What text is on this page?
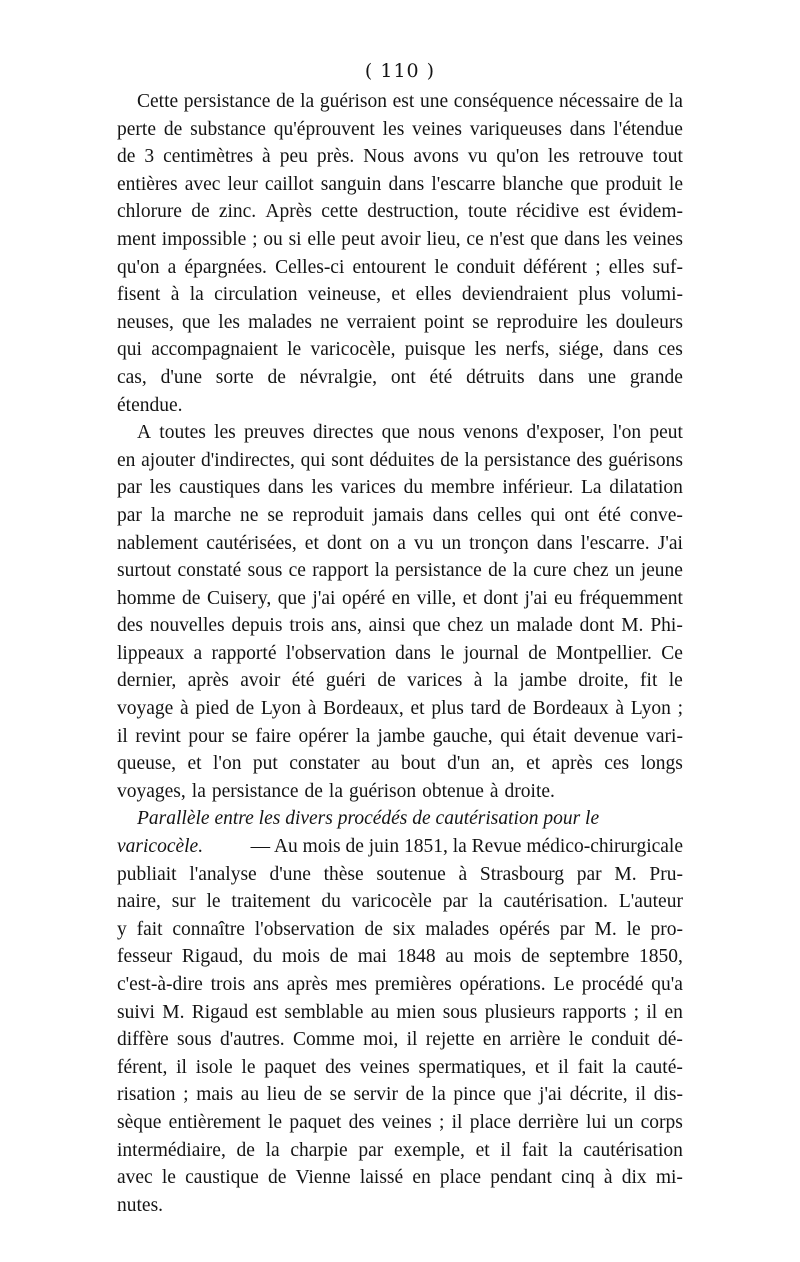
( 110 )
Cette persistance de la guérison est une conséquence nécessaire de la
perte de substance qu'éprouvent les veines variqueuses dans l'étendue
de 3 centimètres à peu près. Nous avons vu qu'on les retrouve tout
entières avec leur caillot sanguin dans l'escarre blanche que produit le
chlorure de zinc. Après cette destruction, toute récidive est évidem-
ment impossible ; ou si elle peut avoir lieu, ce n'est que dans les veines
qu'on a épargnées. Celles-ci entourent le conduit déférent ; elles suf-
fisent à la circulation veineuse, et elles deviendraient plus volumi-
neuses, que les malades ne verraient point se reproduire les douleurs
qui accompagnaient le varicocèle, puisque les nerfs, siége, dans ces
cas, d'une sorte de névralgie, ont été détruits dans une grande
étendue.
A toutes les preuves directes que nous venons d'exposer, l'on peut
en ajouter d'indirectes, qui sont déduites de la persistance des guérisons
par les caustiques dans les varices du membre inférieur. La dilatation
par la marche ne se reproduit jamais dans celles qui ont été conve-
nablement cautérisées, et dont on a vu un tronçon dans l'escarre. J'ai
surtout constaté sous ce rapport la persistance de la cure chez un jeune
homme de Cuisery, que j'ai opéré en ville, et dont j'ai eu fréquemment
des nouvelles depuis trois ans, ainsi que chez un malade dont M. Phi-
lippeaux a rapporté l'observation dans le journal de Montpellier. Ce
dernier, après avoir été guéri de varices à la jambe droite, fit le
voyage à pied de Lyon à Bordeaux, et plus tard de Bordeaux à Lyon ;
il revint pour se faire opérer la jambe gauche, qui était devenue vari-
queuse, et l'on put constater au bout d'un an, et après ces longs
voyages, la persistance de la guérison obtenue à droite.
Parallèle entre les divers procédés de cautérisation pour le
varicocèle. — Au mois de juin 1851, la Revue médico-chirurgicale
publiait l'analyse d'une thèse soutenue à Strasbourg par M. Pru-
naire, sur le traitement du varicocèle par la cautérisation. L'auteur
y fait connaître l'observation de six malades opérés par M. le pro-
fesseur Rigaud, du mois de mai 1848 au mois de septembre 1850,
c'est-à-dire trois ans après mes premières opérations. Le procédé qu'a
suivi M. Rigaud est semblable au mien sous plusieurs rapports ; il en
diffère sous d'autres. Comme moi, il rejette en arrière le conduit dé-
férent, il isole le paquet des veines spermatiques, et il fait la cauté-
risation ; mais au lieu de se servir de la pince que j'ai décrite, il dis-
sèque entièrement le paquet des veines ; il place derrière lui un corps
intermédiaire, de la charpie par exemple, et il fait la cautérisation
avec le caustique de Vienne laissé en place pendant cinq à dix mi-
nutes.
